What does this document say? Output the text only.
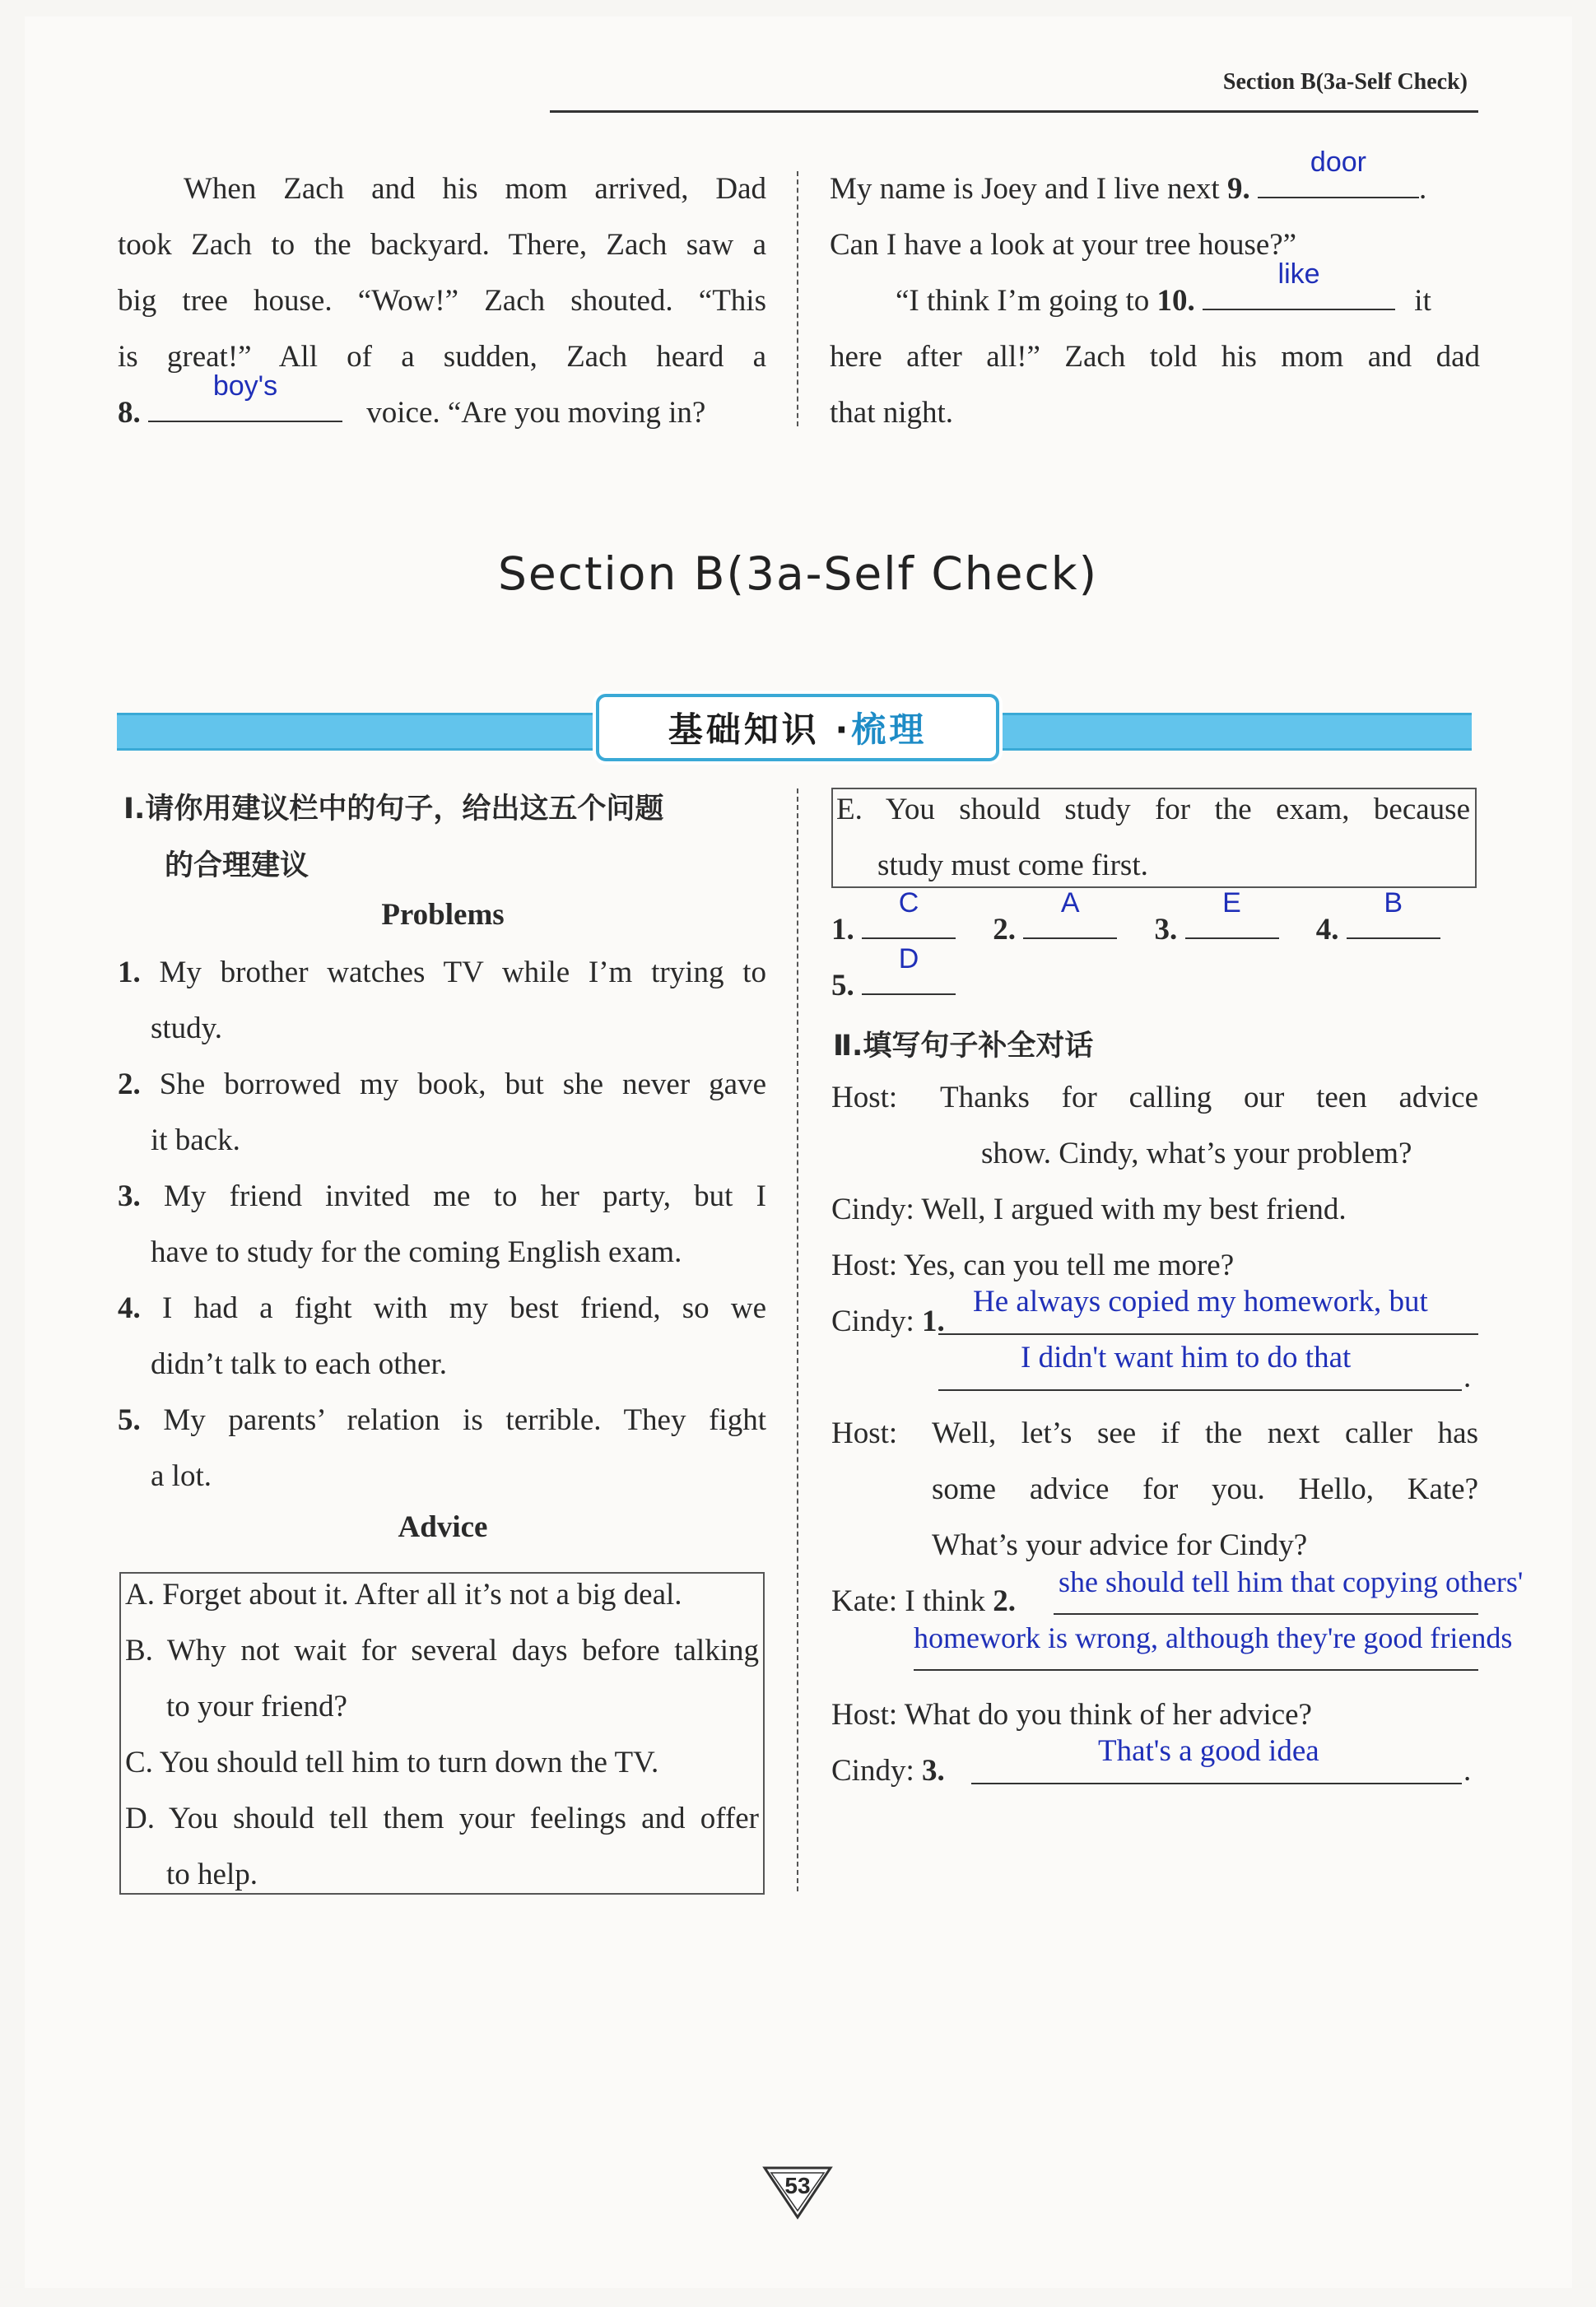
Section B(3a-Self Check)
When Zach and his mom arrived, Dad
took Zach to the backyard. There, Zach saw a
big tree house. “Wow!” Zach shouted. “This
is great!” All of a sudden, Zach heard a
8.
boy's
voice. “Are you moving in?
My name is Joey and I live next 9.
door
.
Can I have a look at your tree house?”
“I think I’m going to 10.
like
it
here after all!” Zach told his mom and dad
that night.
Section B(3a-Self Check)
基础知识 · 梳理
Ⅰ.请你用建议栏中的句子，给出这五个问题
的合理建议
Problems
1. My brother watches TV while I’m trying to
study.
2. She borrowed my book, but she never gave
it back.
3. My friend invited me to her party, but I
have to study for the coming English exam.
4. I had a fight with my best friend, so we
didn’t talk to each other.
5. My parents’ relation is terrible. They fight
a lot.
Advice
A. Forget about it. After all it’s not a big deal.
B. Why not wait for several days before talking
to your friend?
C. You should tell him to turn down the TV.
D. You should tell them your feelings and offer
to help.
E. You should study for the exam, because
study must come first.
1.
C
2.
A
3.
E
4.
B
5.
D
Ⅱ.填写句子补全对话
Host: Thanks for calling our teen advice
show. Cindy, what’s your problem?
Cindy: Well, I argued with my best friend.
Host: Yes, can you tell me more?
Cindy: 1.
He always copied my homework, but
I didn't want him to do that
.
Host: Well, let’s see if the next caller has
some advice for you. Hello, Kate?
What’s your advice for Cindy?
Kate: I think 2.
she should tell him that copying others'
homework is wrong, although they're good friends
Host: What do you think of her advice?
Cindy: 3.
That's a good idea
.
53
